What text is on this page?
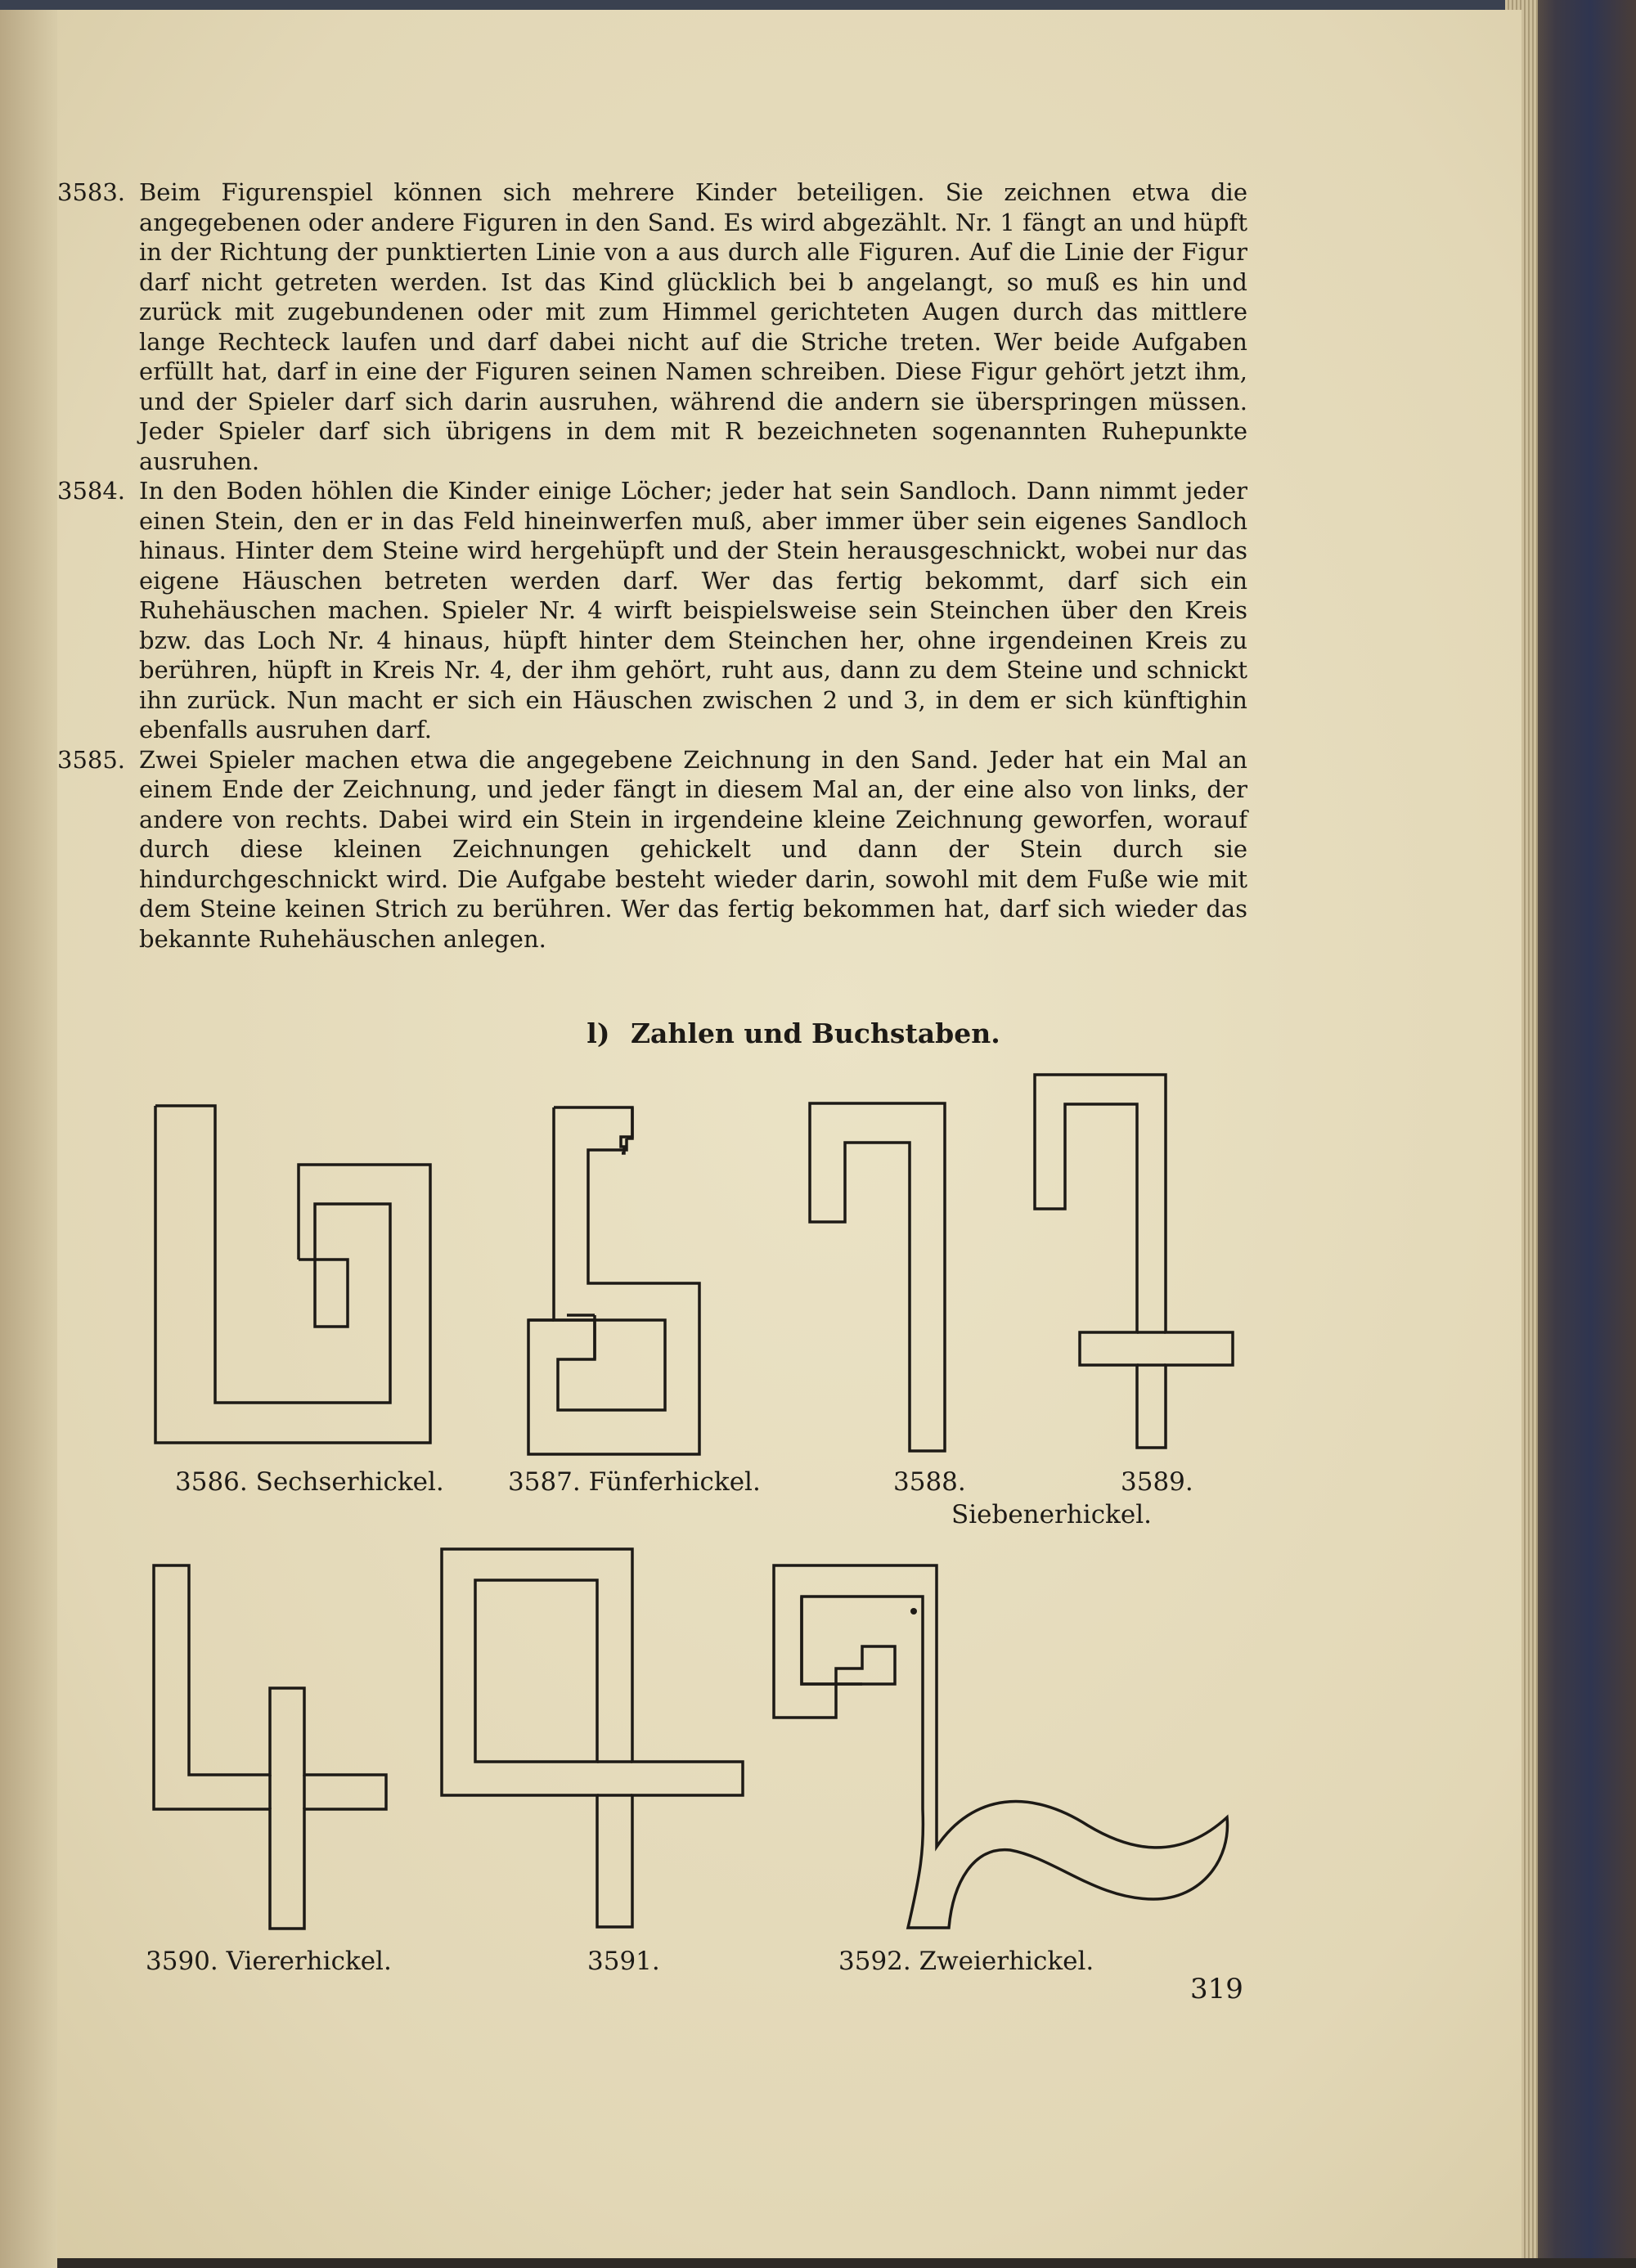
3583. Beim Figurenspiel können sich mehrere Kinder beteiligen. Sie zeichnen etwa die angegebenen oder andere Figuren in den Sand. Es wird abgezählt. Nr. 1 fängt an und hüpft in der Richtung der punktierten Linie von a aus durch alle Figuren. Auf die Linie der Figur darf nicht getreten werden. Ist das Kind glücklich bei b angelangt, so muß es hin und zurück mit zugebundenen oder mit zum Himmel gerichteten Augen durch das mittlere lange Rechteck laufen und darf dabei nicht auf die Striche treten. Wer beide Aufgaben erfüllt hat, darf in eine der Figuren seinen Namen schreiben. Diese Figur gehört jetzt ihm, und der Spieler darf sich darin ausruhen, während die andern sie überspringen müssen. Jeder Spieler darf sich übrigens in dem mit R bezeichneten sogenannten Ruhepunkte ausruhen.

3584. In den Boden höhlen die Kinder einige Löcher; jeder hat sein Sandloch. Dann nimmt jeder einen Stein, den er in das Feld hineinwerfen muß, aber immer über sein eigenes Sandloch hinaus. Hinter dem Steine wird hergehüpft und der Stein herausgeschnickt, wobei nur das eigene Häuschen betreten werden darf. Wer das fertig bekommt, darf sich ein Ruhehäuschen machen. Spieler Nr. 4 wirft beispielsweise sein Steinchen über den Kreis bzw. das Loch Nr. 4 hinaus, hüpft hinter dem Steinchen her, ohne irgendeinen Kreis zu berühren, hüpft in Kreis Nr. 4, der ihm gehört, ruht aus, dann zu dem Steine und schnickt ihn zurück. Nun macht er sich ein Häuschen zwischen 2 und 3, in dem er sich künftighin ebenfalls ausruhen darf.

3585. Zwei Spieler machen etwa die angegebene Zeichnung in den Sand. Jeder hat ein Mal an einem Ende der Zeichnung, und jeder fängt in diesem Mal an, der eine also von links, der andere von rechts. Dabei wird ein Stein in irgendeine kleine Zeichnung geworfen, worauf durch diese kleinen Zeichnungen gehickelt und dann der Stein durch sie hindurchgeschnickt wird. Die Aufgabe besteht wieder darin, sowohl mit dem Fuße wie mit dem Steine keinen Strich zu berühren. Wer das fertig bekommen hat, darf sich wieder das bekannte Ruhehäuschen anlegen.

l) Zahlen und Buchstaben.
3586. Sechserhickel.	3587. Fünferhickel.	3588.	3589.
Siebenerhickel.
3590. Viererhickel.	3591.	3592. Zweierhickel.
319
